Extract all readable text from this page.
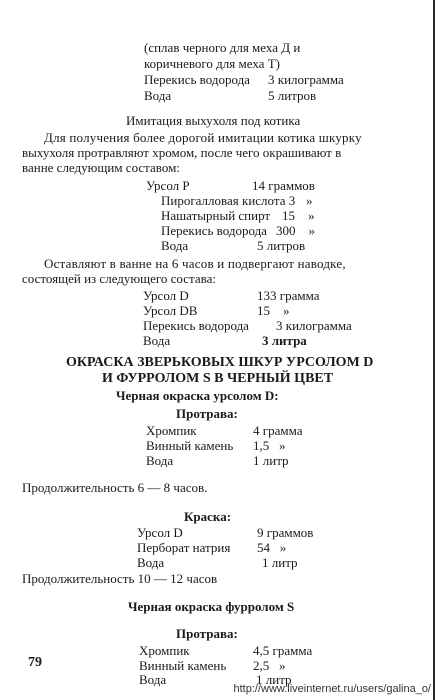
(сплав черного для меха Д и
коричневого для меха Т)
Перекись водорода 3 килограмма
Вода	5 литров
Имитация выхухоля под котика
Для получения более дорогой имитации котика шкурку
выхухоля протравляют хромом, после чего окрашивают в
ванне следующим составом:
Урсол Р	14 граммов
Пирогалловая кислота 3 »
Нашатырный спирт 15    »
Перекись водорода 300    »
Вода	5 литров
Оставляют в ванне на 6 часов и подвергают наводке,
состоящей из следующего состава:
Урсол D	133 грамма
Урсол DB	15    »
Перекись водорода 3 килограмма
Вода	3 литра
ОКРАСКА ЗВЕРЬКОВЫХ ШКУР УРСОЛОМ D
И ФУРРОЛОМ S В ЧЕРНЫЙ ЦВЕТ
Черная окраска урсолом D:
Протрава:
Хромпик	4 грамма
Винный камень 1,5   »
Вода	1 литр
Продолжительность 6 — 8 часов.
Краска:
Урсол D	9 граммов
Перборат натрия 54   »
Вода	1 литр
Продолжительность 10 — 12 часов
Черная окраска фурролом S
Протрава:
Хромпик	4,5 грамма
Винный камень 2,5   »
Вода	1 литр
79
http://www.liveinternet.ru/users/galina_o/
